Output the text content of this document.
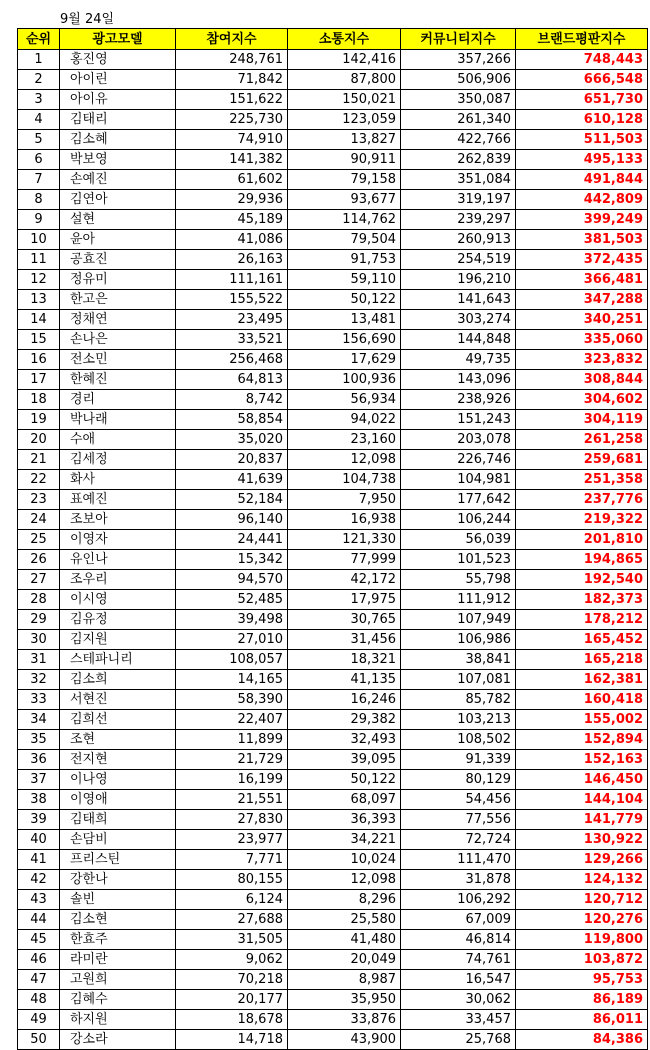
9월 24일
순위	광고모델	참여지수	소통지수	커뮤니티지수	브랜드평판지수
1	홍진영	248,761	142,416	357,266	748,443
2	아이린	71,842	87,800	506,906	666,548
3	아이유	151,622	150,021	350,087	651,730
4	김태리	225,730	123,059	261,340	610,128
5	김소혜	74,910	13,827	422,766	511,503
6	박보영	141,382	90,911	262,839	495,133
7	손예진	61,602	79,158	351,084	491,844
8	김연아	29,936	93,677	319,197	442,809
9	설현	45,189	114,762	239,297	399,249
10	윤아	41,086	79,504	260,913	381,503
11	공효진	26,163	91,753	254,519	372,435
12	정유미	111,161	59,110	196,210	366,481
13	한고은	155,522	50,122	141,643	347,288
14	정채연	23,495	13,481	303,274	340,251
15	손나은	33,521	156,690	144,848	335,060
16	전소민	256,468	17,629	49,735	323,832
17	한혜진	64,813	100,936	143,096	308,844
18	경리	8,742	56,934	238,926	304,602
19	박나래	58,854	94,022	151,243	304,119
20	수애	35,020	23,160	203,078	261,258
21	김세정	20,837	12,098	226,746	259,681
22	화사	41,639	104,738	104,981	251,358
23	표예진	52,184	7,950	177,642	237,776
24	조보아	96,140	16,938	106,244	219,322
25	이영자	24,441	121,330	56,039	201,810
26	유인나	15,342	77,999	101,523	194,865
27	조우리	94,570	42,172	55,798	192,540
28	이시영	52,485	17,975	111,912	182,373
29	김유정	39,498	30,765	107,949	178,212
30	김지원	27,010	31,456	106,986	165,452
31	스테파니리	108,057	18,321	38,841	165,218
32	김소희	14,165	41,135	107,081	162,381
33	서현진	58,390	16,246	85,782	160,418
34	김희선	22,407	29,382	103,213	155,002
35	조현	11,899	32,493	108,502	152,894
36	전지현	21,729	39,095	91,339	152,163
37	이나영	16,199	50,122	80,129	146,450
38	이영애	21,551	68,097	54,456	144,104
39	김태희	27,830	36,393	77,556	141,779
40	손담비	23,977	34,221	72,724	130,922
41	프리스틴	7,771	10,024	111,470	129,266
42	강한나	80,155	12,098	31,878	124,132
43	솔빈	6,124	8,296	106,292	120,712
44	김소현	27,688	25,580	67,009	120,276
45	한효주	31,505	41,480	46,814	119,800
46	라미란	9,062	20,049	74,761	103,872
47	고원희	70,218	8,987	16,547	95,753
48	김혜수	20,177	35,950	30,062	86,189
49	하지원	18,678	33,876	33,457	86,011
50	강소라	14,718	43,900	25,768	84,386
